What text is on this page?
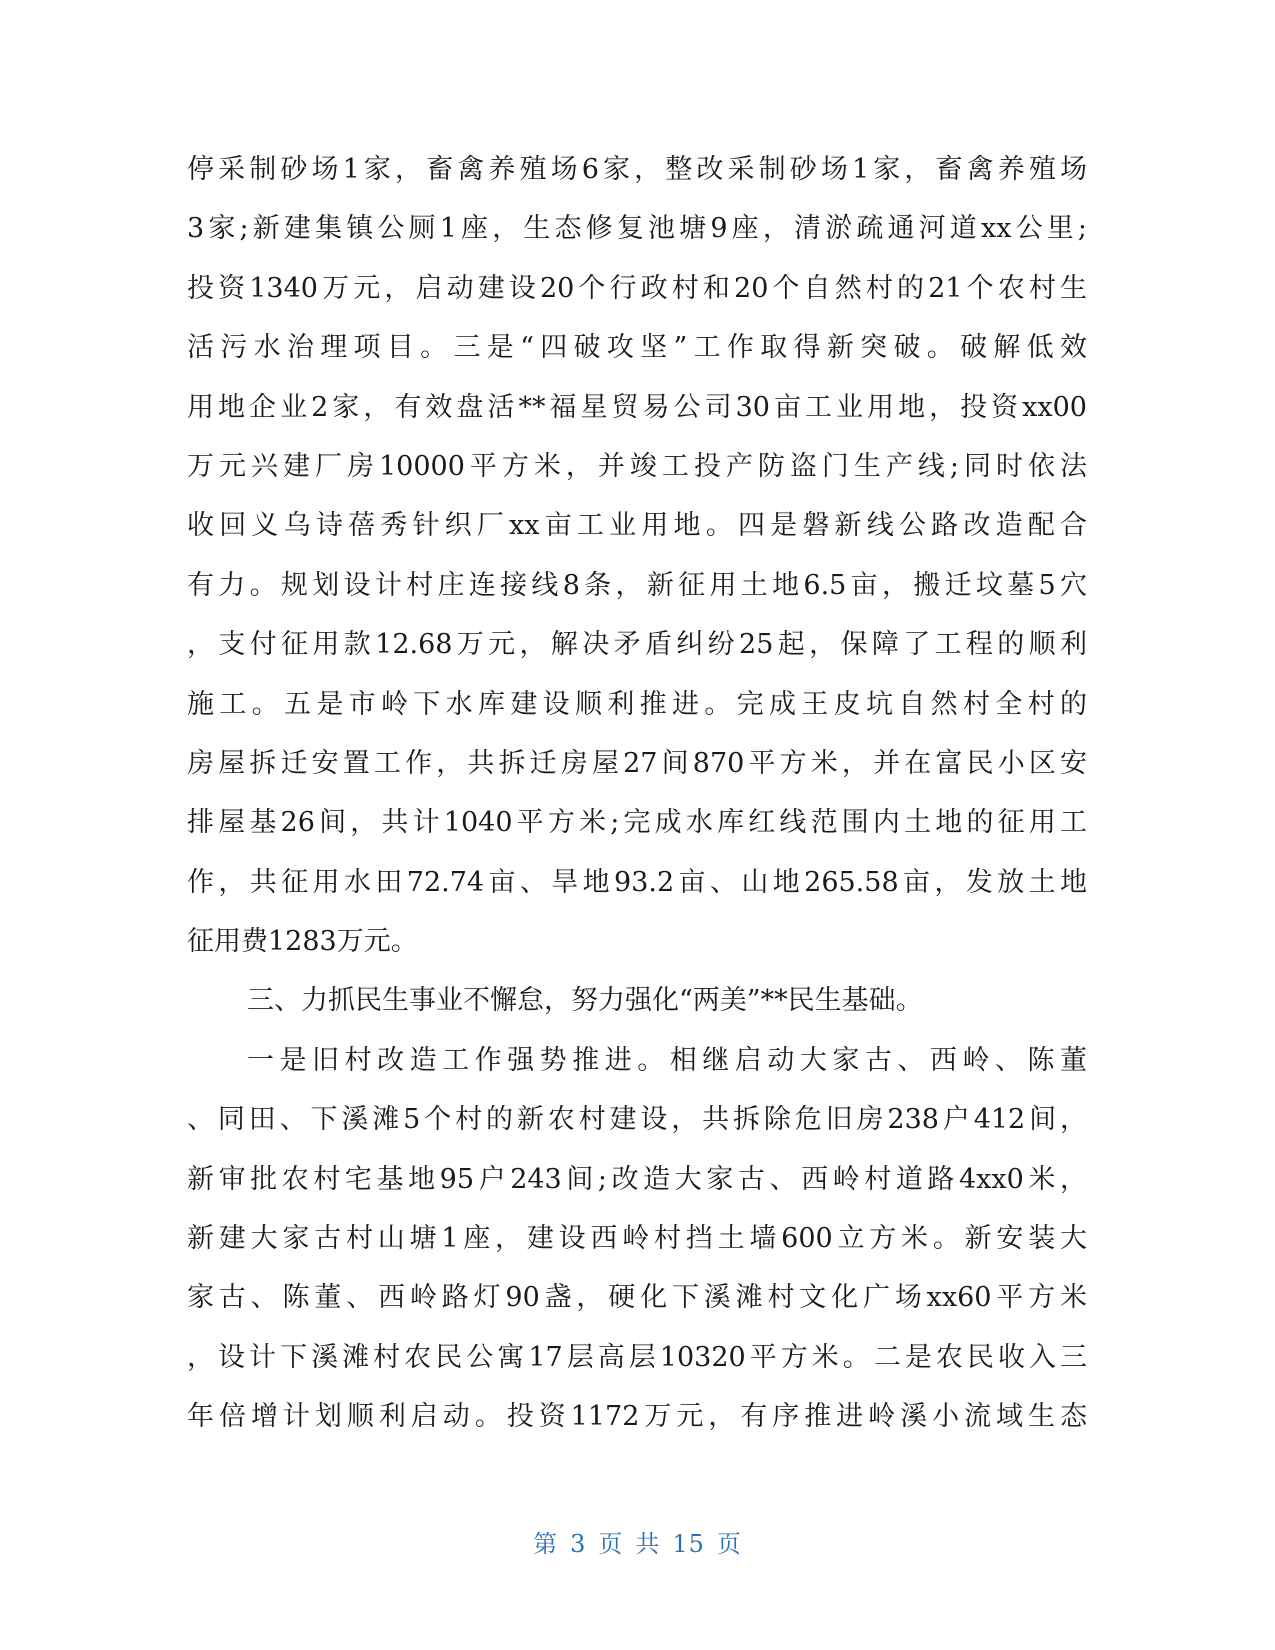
停采制砂场1家，畜禽养殖场6家，整改采制砂场1家，畜禽养殖场
3家;新建集镇公厕1座，生态修复池塘9座，清淤疏通河道xx公里;
投资1340万元，启动建设20个行政村和20个自然村的21个农村生
活污水治理项目。三是“四破攻坚”工作取得新突破。破解低效
用地企业2家，有效盘活**福星贸易公司30亩工业用地，投资xx00
万元兴建厂房10000平方米，并竣工投产防盗门生产线;同时依法
收回义乌诗蓓秀针织厂xx亩工业用地。四是磐新线公路改造配合
有力。规划设计村庄连接线8条，新征用土地6.5亩，搬迁坟墓5穴
，支付征用款12.68万元，解决矛盾纠纷25起，保障了工程的顺利
施工。五是市岭下水库建设顺利推进。完成王皮坑自然村全村的
房屋拆迁安置工作，共拆迁房屋27间870平方米，并在富民小区安
排屋基26间，共计1040平方米;完成水库红线范围内土地的征用工
作，共征用水田72.74亩、旱地93.2亩、山地265.58亩，发放土地
征用费1283万元。
三、力抓民生事业不懈怠，努力强化“两美”**民生基础。
一是旧村改造工作强势推进。相继启动大家古、西岭、陈董
、同田、下溪滩5个村的新农村建设，共拆除危旧房238户412间，
新审批农村宅基地95户243间;改造大家古、西岭村道路4xx0米，
新建大家古村山塘1座，建设西岭村挡土墙600立方米。新安装大
家古、陈董、西岭路灯90盏，硬化下溪滩村文化广场xx60平方米
，设计下溪滩村农民公寓17层高层10320平方米。二是农民收入三
年倍增计划顺利启动。投资1172万元，有序推进岭溪小流域生态
第 3 页 共 15 页
